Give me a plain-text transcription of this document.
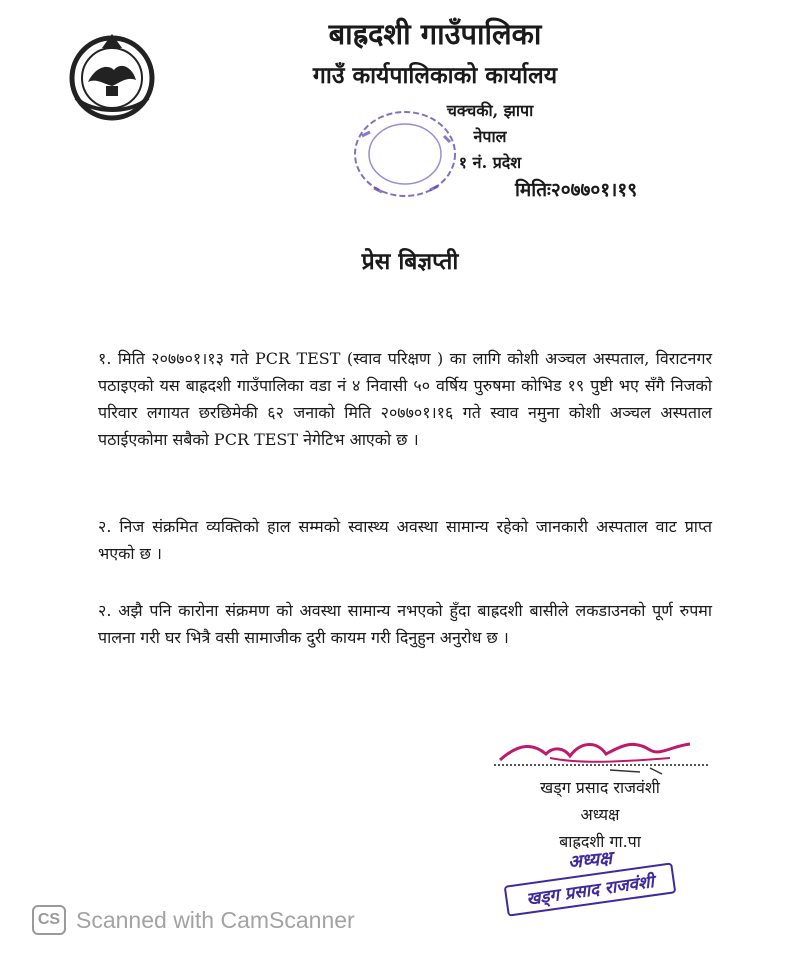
बाह्रदशी गाउँपालिका
गाउँ कार्यपालिकाको कार्यालय
चक्चकी, झापा
नेपाल
१ नं. प्रदेश
मितिः२०७७०१।१९
प्रेस बिज्ञप्ती
१. मिति २०७७०१।१३ गते PCR TEST (स्वाव परिक्षण ) का लागि कोशी अञ्चल अस्पताल, विराटनगर पठाइएको यस बाह्रदशी गाउँपालिका वडा नं ४ निवासी ५० वर्षिय पुरुषमा कोभिड १९ पुष्टी भए सँगै निजको परिवार लगायत छरछिमेकी ६२ जनाको मिति २०७७०१।१६ गते स्वाव नमुना कोशी अञ्चल अस्पताल पठाईएकोमा सबैको PCR TEST नेगेटिभ आएको छ ।
२. निज संक्रमित व्यक्तिको हाल सम्मको स्वास्थ्य अवस्था सामान्य रहेको जानकारी अस्पताल वाट प्राप्त भएको छ ।
२. अझै पनि कारोना संक्रमण को अवस्था सामान्य नभएको हुँदा बाह्रदशी बासीले लकडाउनको पूर्ण रुपमा पालना गरी घर भित्रै वसी सामाजीक दुरी कायम गरी दिनुहुन अनुरोध छ ।
खड्ग प्रसाद राजवंशी
अध्यक्ष
बाह्रदशी गा.पा
अध्यक्ष
खड्ग प्रसाद राजवंशी
CS Scanned with CamScanner
